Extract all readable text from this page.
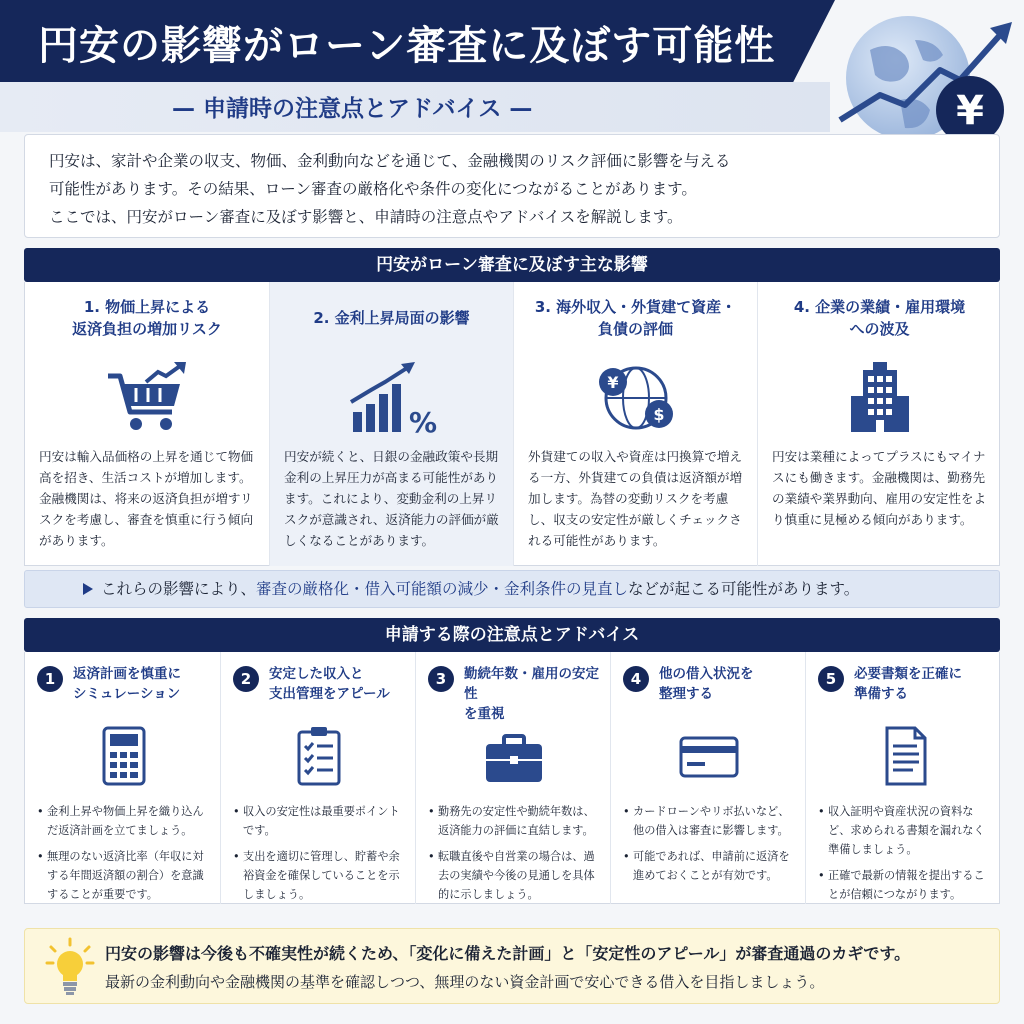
円安の影響がローン審査に及ぼす可能性
— 申請時の注意点とアドバイス —	¥

円安は、家計や企業の収支、物価、金利動向などを通じて、金融機関のリスク評価に影響を与える

可能性があります。その結果、ローン審査の厳格化や条件の変化につながることがあります。

ここでは、円安がローン審査に及ぼす影響と、申請時の注意点やアドバイスを解説します。

円安がローン審査に及ぼす主な影響
1. 物価上昇による
返済負担の増加リスク
円安は輸入品価格の上昇を通じて物価高を招き、生活コストが増加します。金融機関は、将来の返済負担が増すリスクを考慮し、審査を慎重に行う傾向があります。
2. 金利上昇局面の影響
%
円安が続くと、日銀の金融政策や長期金利の上昇圧力が高まる可能性があります。これにより、変動金利の上昇リスクが意識され、返済能力の評価が厳しくなることがあります。
3. 海外収入・外貨建て資産・
負債の評価
¥
$
外貨建ての収入や資産は円換算で増える一方、外貨建ての負債は返済額が増加します。為替の変動リスクを考慮し、収支の安定性が厳しくチェックされる可能性があります。
4. 企業の業績・雇用環境
への波及
円安は業種によってプラスにもマイナスにも働きます。金融機関は、勤務先の業績や業界動向、雇用の安定性をより慎重に見極める傾向があります。
これらの影響により、審査の厳格化・借入可能額の減少・金利条件の見直しなどが起こる可能性があります。
申請する際の注意点とアドバイス
1	返済計画を慎重に
シミュレーション
• 金利上昇や物価上昇を織り込んだ返済計画を立てましょう。
• 無理のない返済比率（年収に対する年間返済額の割合）を意識することが重要です。
2	安定した収入と
支出管理をアピール
• 収入の安定性は最重要ポイントです。
• 支出を適切に管理し、貯蓄や余裕資金を確保していることを示しましょう。
3	勤続年数・雇用の安定性
を重視
• 勤務先の安定性や勤続年数は、返済能力の評価に直結します。
• 転職直後や自営業の場合は、過去の実績や今後の見通しを具体的に示しましょう。
4	他の借入状況を
整理する
• カードローンやリボ払いなど、他の借入は審査に影響します。
• 可能であれば、申請前に返済を進めておくことが有効です。
5	必要書類を正確に
準備する
• 収入証明や資産状況の資料など、求められる書類を漏れなく準備しましょう。
• 正確で最新の情報を提出することが信頼につながります。
円安の影響は今後も不確実性が続くため、「変化に備えた計画」と「安定性のアピール」が審査通過のカギです。
最新の金利動向や金融機関の基準を確認しつつ、無理のない資金計画で安心できる借入を目指しましょう。
